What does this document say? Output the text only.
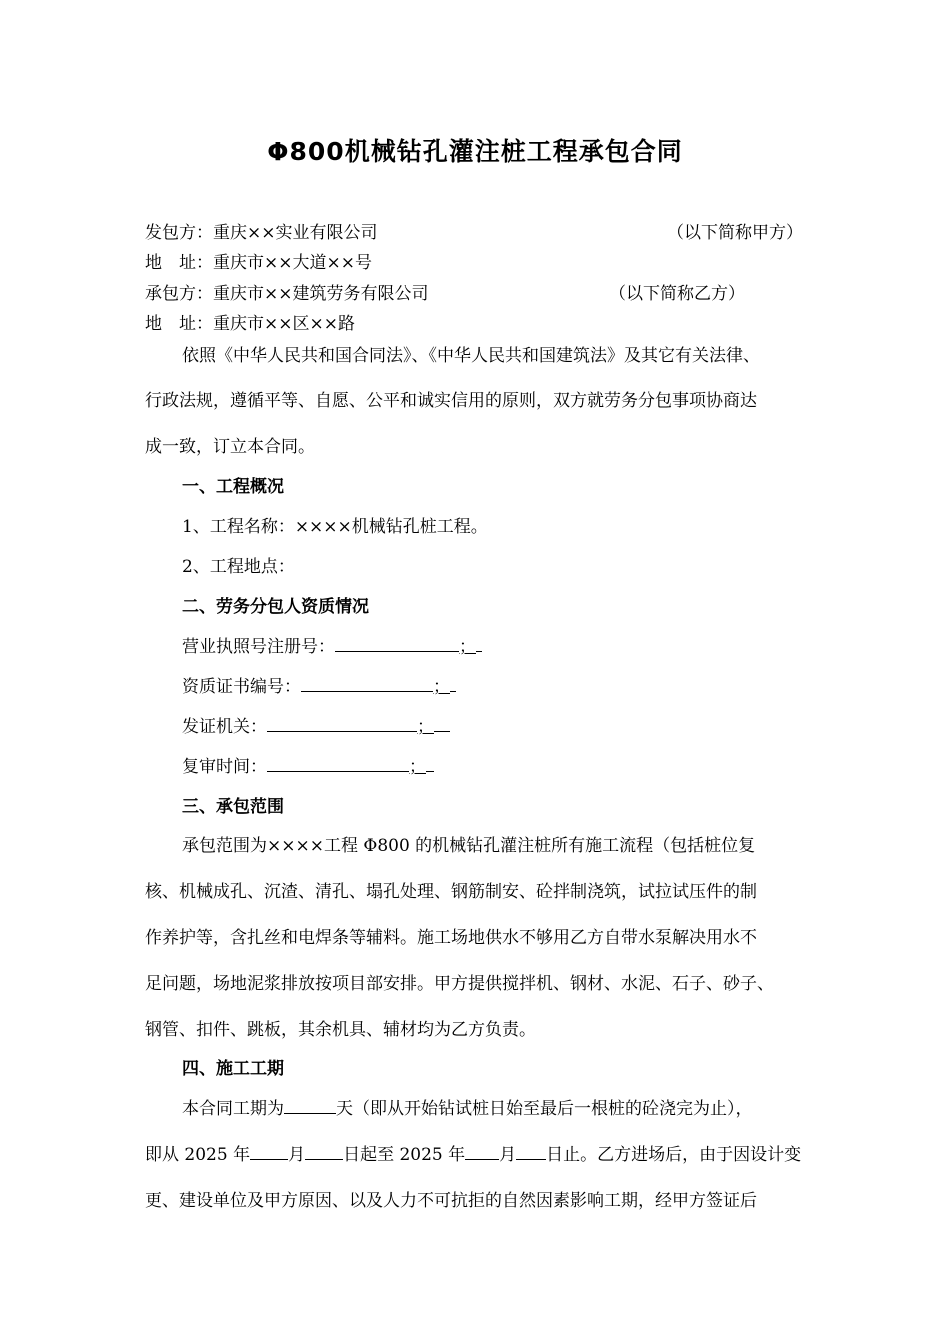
Φ800机械钻孔灌注桩工程承包合同
发包方：重庆××实业有限公司	（以下简称甲方）
地　址：重庆市××大道××号
承包方：重庆市××建筑劳务有限公司	（以下简称乙方）
地　址：重庆市××区××路
依照《中华人民共和国合同法》、《中华人民共和国建筑法》及其它有关法律、
行政法规，遵循平等、自愿、公平和诚实信用的原则，双方就劳务分包事项协商达
成一致，订立本合同。
一、工程概况
1、工程名称：××××机械钻孔桩工程。
2、工程地点：
二、劳务分包人资质情况
营业执照号注册号：	；
资质证书编号：	；
发证机关：	；
复审时间：	；
三、承包范围
承包范围为××××工程 Φ800 的机械钻孔灌注桩所有施工流程（包括桩位复
核、机械成孔、沉渣、清孔、塌孔处理、钢筋制安、砼拌制浇筑，试拉试压件的制
作养护等，含扎丝和电焊条等辅料。施工场地供水不够用乙方自带水泵解决用水不
足问题，场地泥浆排放按项目部安排。甲方提供搅拌机、钢材、水泥、石子、砂子、
钢管、扣件、跳板，其余机具、辅材均为乙方负责。
四、施工工期
本合同工期为	天（即从开始钻试桩日始至最后一根桩的砼浇完为止），
即从 2025 年 月 日起至 2025 年 月 日止。乙方进场后，由于因设计变
更、建设单位及甲方原因、以及人力不可抗拒的自然因素影响工期，经甲方签证后
